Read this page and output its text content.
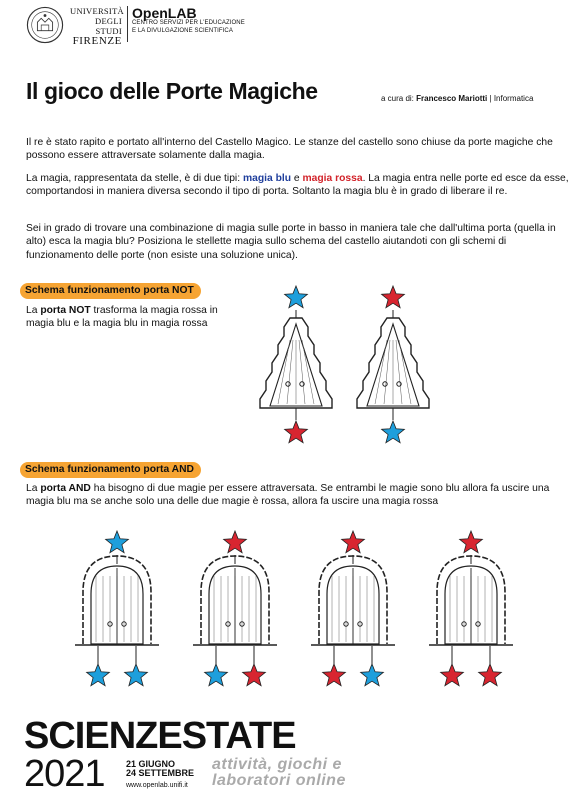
UNIVERSITÀ
DEGLI STUDI
FIRENZE
OpenLAB
CENTRO SERVIZI PER L'EDUCAZIONE
E LA DIVULGAZIONE SCIENTIFICA
Il gioco delle Porte Magiche	a cura di: Francesco Mariotti | Informatica
Il re è stato rapito e portato all'interno del Castello Magico. Le stanze del castello sono chiuse da porte magiche che possono essere attraversate solamente dalla magia.
La magia, rappresentata da stelle, è di due tipi: magia blu e magia rossa. La magia entra nelle porte ed esce da esse, comportandosi in maniera diversa secondo il tipo di porta. Soltanto la magia blu è in grado di liberare il re.
Sei in grado di trovare una combinazione di magia sulle porte in basso in maniera tale che dall'ultima porta (quella in alto) esca la magia blu? Posiziona le stellette magia sullo schema del castello aiutandoti con gli schemi di funzionamento delle porte (non esiste una soluzione unica).
Schema funzionamento porta NOT
La porta NOT trasforma la magia rossa in magia blu e la magia blu in magia rossa
Schema funzionamento porta AND
La porta AND ha bisogno di due magie per essere attraversata. Se entrambi le magie sono blu allora fa uscire una magia blu ma se anche solo una delle due magie è rossa, allora fa uscire una magia rossa
SCIENZESTATE
2021 21 GIUGNO
24 SETTEMBRE
www.openlab.unifi.it
attività, giochi e
laboratori online
